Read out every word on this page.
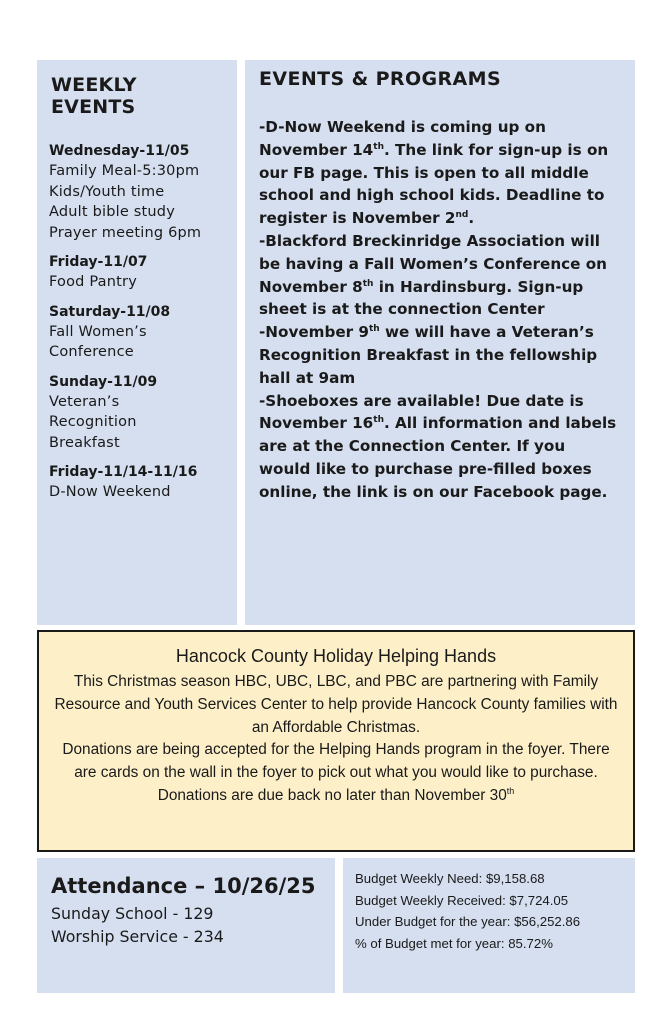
WEEKLY EVENTS
Wednesday-11/05
Family Meal-5:30pm
Kids/Youth time
Adult bible study
Prayer meeting 6pm
Friday-11/07
Food Pantry
Saturday-11/08
Fall Women’s
Conference
Sunday-11/09
Veteran’s
Recognition
Breakfast
Friday-11/14-11/16
D-Now Weekend
EVENTS & PROGRAMS
-D-Now Weekend is coming up on November 14th. The link for sign-up is on our FB page. This is open to all middle school and high school kids. Deadline to register is November 2nd.
-Blackford Breckinridge Association will be having a Fall Women’s Conference on November 8th in Hardinsburg. Sign-up sheet is at the connection Center
-November 9th we will have a Veteran’s Recognition Breakfast in the fellowship hall at 9am
-Shoeboxes are available! Due date is November 16th. All information and labels are at the Connection Center. If you would like to purchase pre-filled boxes online, the link is on our Facebook page.
Hancock County Holiday Helping Hands

This Christmas season HBC, UBC, LBC, and PBC are partnering with Family Resource and Youth Services Center to help provide Hancock County families with an Affordable Christmas.

Donations are being accepted for the Helping Hands program in the foyer. There are cards on the wall in the foyer to pick out what you would like to purchase. Donations are due back no later than November 30th

Attendance – 10/26/25
Sunday School - 129
Worship Service - 234
Budget Weekly Need: $9,158.68
Budget Weekly Received: $7,724.05
Under Budget for the year: $56,252.86
% of Budget met for year: 85.72%
